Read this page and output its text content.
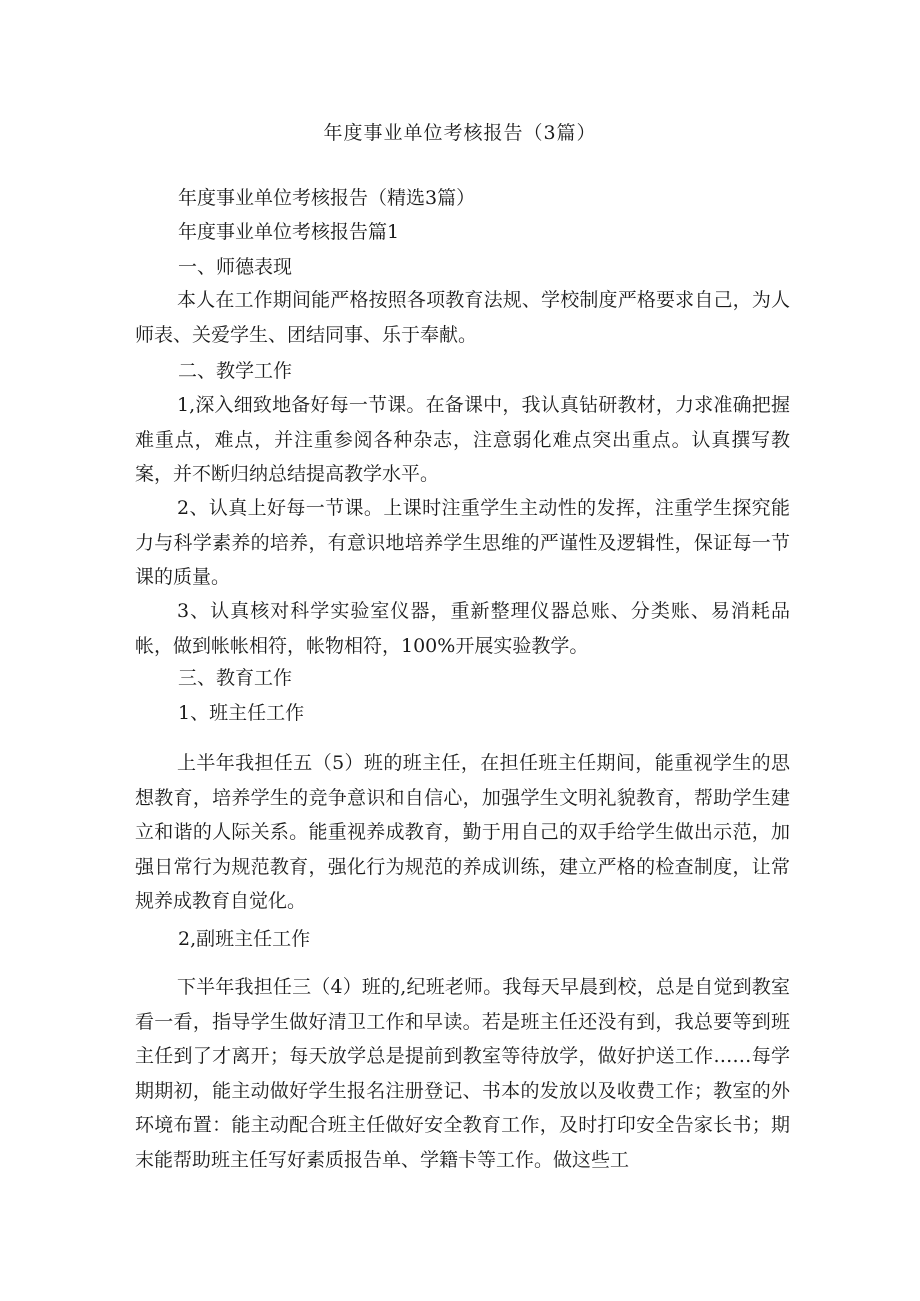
年度事业单位考核报告（3篇）
年度事业单位考核报告（精选3篇）
年度事业单位考核报告篇1
一、师德表现

本人在工作期间能严格按照各项教育法规、学校制度严格要求自己，为人师表、关爱学生、团结同事、乐于奉献。

二、教学工作

1,深入细致地备好每一节课。在备课中，我认真钻研教材，力求准确把握难重点，难点，并注重参阅各种杂志，注意弱化难点突出重点。认真撰写教案，并不断归纳总结提高教学水平。

2、认真上好每一节课。上课时注重学生主动性的发挥，注重学生探究能力与科学素养的培养，有意识地培养学生思维的严谨性及逻辑性，保证每一节课的质量。

3、认真核对科学实验室仪器，重新整理仪器总账、分类账、易消耗品帐，做到帐帐相符，帐物相符，100%开展实验教学。

三、教育工作
1、班主任工作

上半年我担任五（5）班的班主任，在担任班主任期间，能重视学生的思想教育，培养学生的竞争意识和自信心，加强学生文明礼貌教育，帮助学生建立和谐的人际关系。能重视养成教育，勤于用自己的双手给学生做出示范，加强日常行为规范教育，强化行为规范的养成训练，建立严格的检查制度，让常规养成教育自觉化。

2,副班主任工作

下半年我担任三（4）班的,纪班老师。我每天早晨到校，总是自觉到教室看一看，指导学生做好清卫工作和早读。若是班主任还没有到，我总要等到班主任到了才离开；每天放学总是提前到教室等待放学，做好护送工作……每学期期初，能主动做好学生报名注册登记、书本的发放以及收费工作；教室的外环境布置：能主动配合班主任做好安全教育工作，及时打印安全告家长书；期末能帮助班主任写好素质报告单、学籍卡等工作。做这些工
